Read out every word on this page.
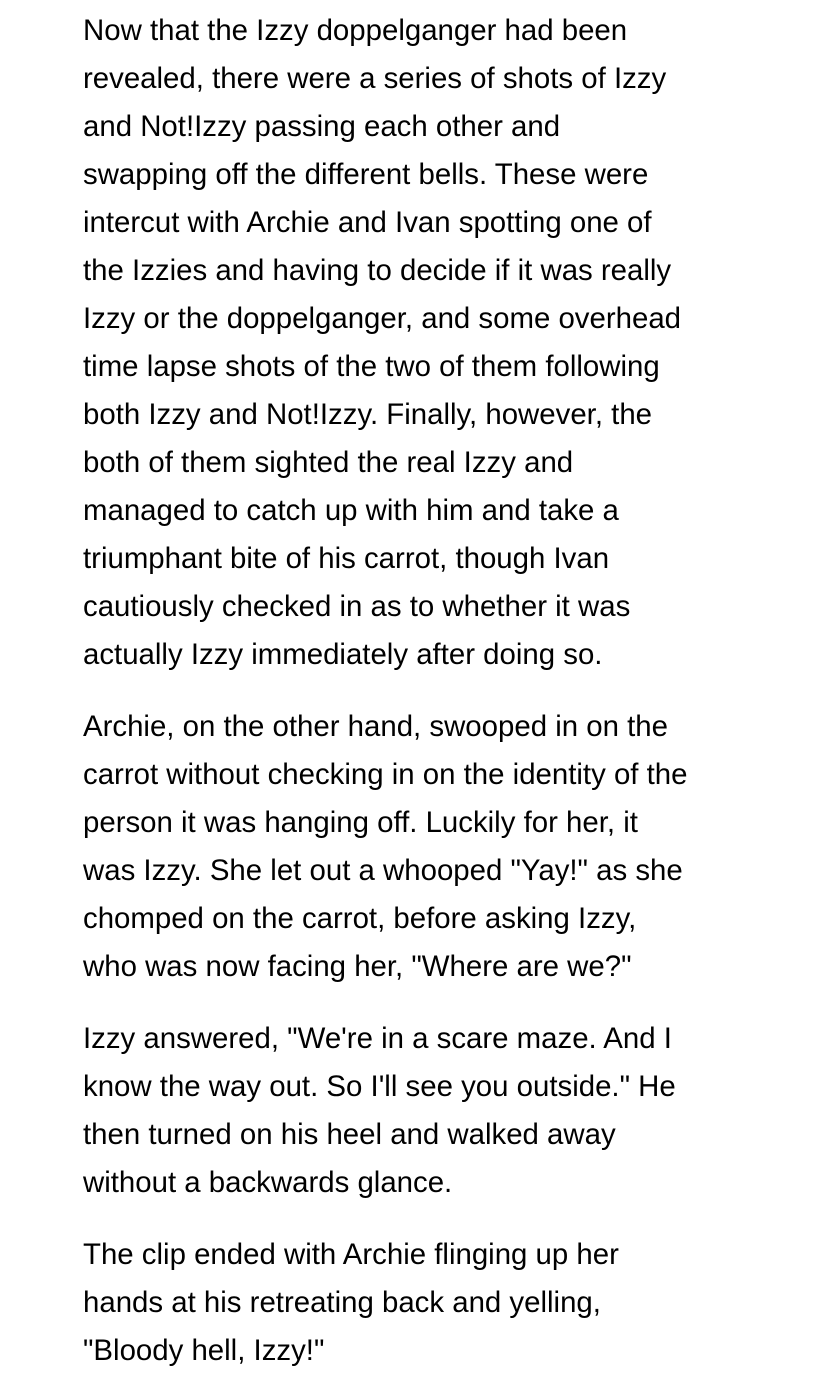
Now that the Izzy doppelganger had been
revealed, there were a series of shots of Izzy
and Not!Izzy passing each other and
swapping off the different bells. These were
intercut with Archie and Ivan spotting one of
the Izzies and having to decide if it was really
Izzy or the doppelganger, and some overhead
time lapse shots of the two of them following
both Izzy and Not!Izzy. Finally, however, the
both of them sighted the real Izzy and
managed to catch up with him and take a
triumphant bite of his carrot, though Ivan
cautiously checked in as to whether it was
actually Izzy immediately after doing so.

Archie, on the other hand, swooped in on the
carrot without checking in on the identity of the
person it was hanging off. Luckily for her, it
was Izzy. She let out a whooped "Yay!" as she
chomped on the carrot, before asking Izzy,
who was now facing her, "Where are we?"

Izzy answered, "We're in a scare maze. And I
know the way out. So I'll see you outside." He
then turned on his heel and walked away
without a backwards glance.

The clip ended with Archie flinging up her
hands at his retreating back and yelling,
"Bloody hell, Izzy!"
